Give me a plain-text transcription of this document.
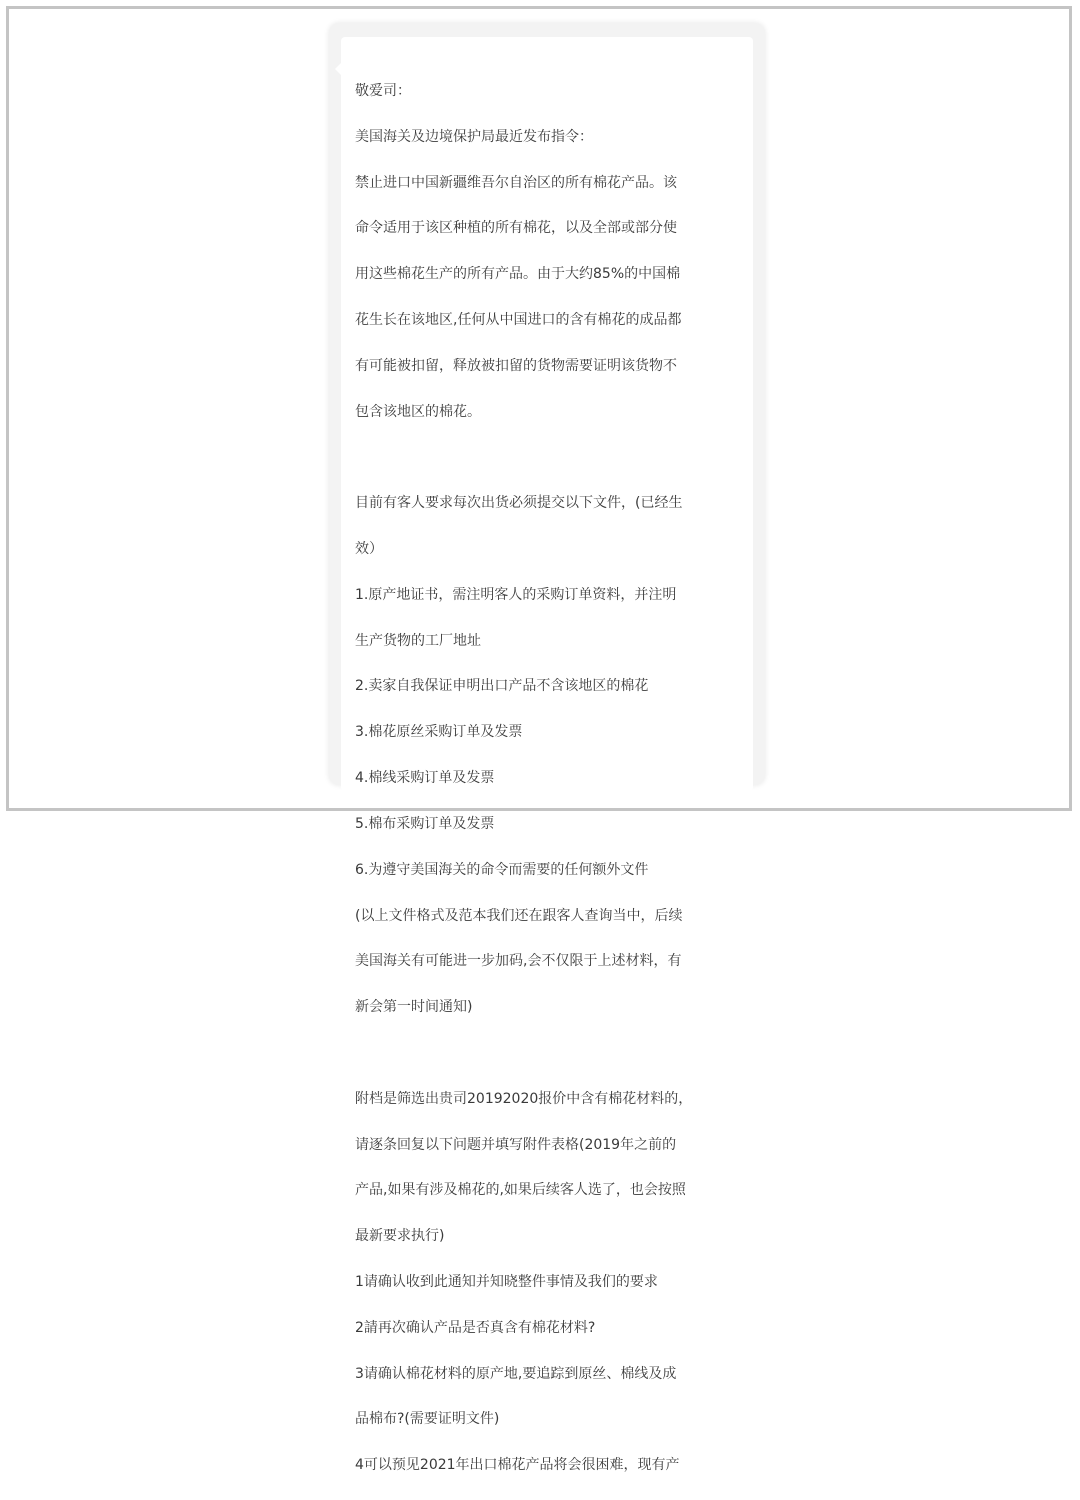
敬爱司：

美国海关及边境保护局最近发布指令：

禁止进口中国新疆维吾尔自治区的所有棉花产品。该

命令适用于该区种植的所有棉花，以及全部或部分使

用这些棉花生产的所有产品。由于大约85%的中国棉

花生长在该地区,任何从中国进口的含有棉花的成品都

有可能被扣留，释放被扣留的货物需要证明该货物不

包含该地区的棉花。

目前有客人要求每次出货必须提交以下文件，(已经生

效）

1.原产地证书，需注明客人的采购订单资料，并注明

生产货物的工厂地址

2.卖家自我保证申明出口产品不含该地区的棉花

3.棉花原丝采购订单及发票

4.棉线采购订单及发票

5.棉布采购订单及发票

6.为遵守美国海关的命令而需要的任何额外文件

(以上文件格式及范本我们还在跟客人查询当中，后续

美国海关有可能进一步加码,会不仅限于上述材料，有

新会第一时间通知)

附档是筛选出贵司20192020报价中含有棉花材料的，

请逐条回复以下问题并填写附件表格(2019年之前的

产品,如果有涉及棉花的,如果后续客人选了，也会按照

最新要求执行)

1请确认收到此通知并知晓整件事情及我们的要求

2請再次确认产品是否真含有棉花材料?

3请确认棉花材料的原产地,要追踪到原丝、棉线及成

品棉布?(需要证明文件)

4可以预见2021年出口棉花产品将会很困难，现有产
